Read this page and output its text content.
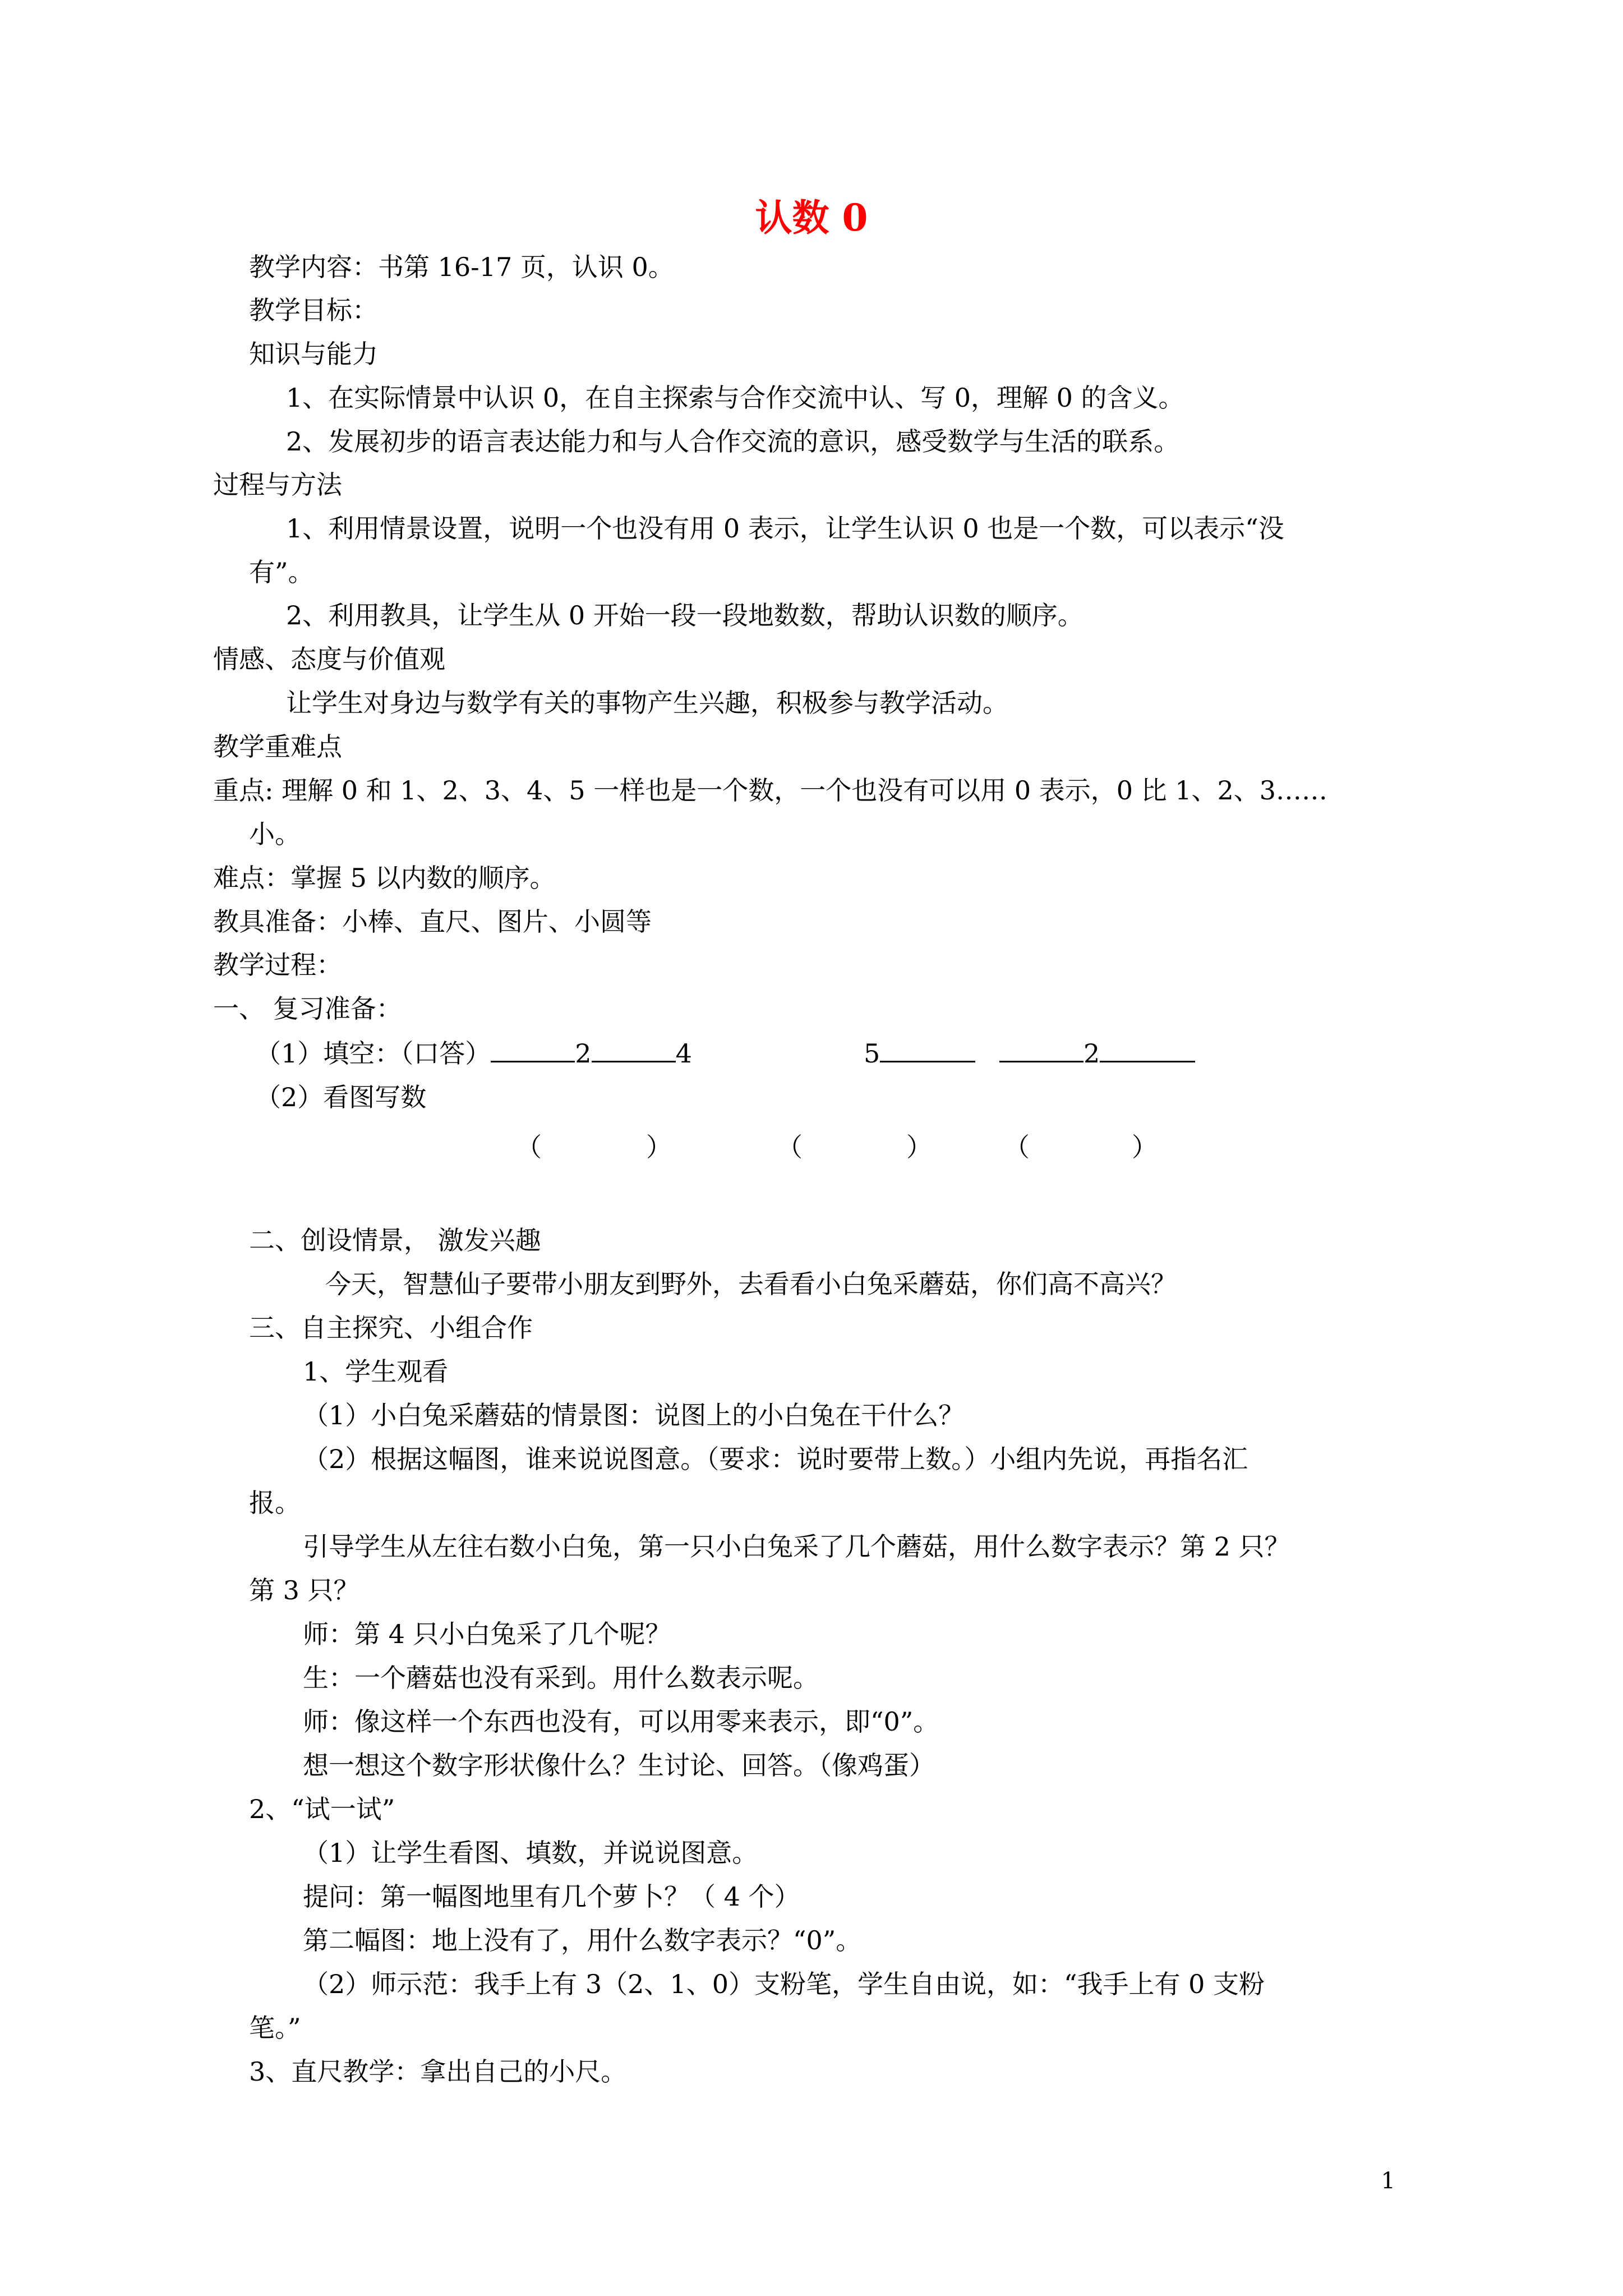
认数 0
教学内容：书第 16-17 页，认识 0。
教学目标：
知识与能力
1、在实际情景中认识 0，在自主探索与合作交流中认、写 0，理解 0 的含义。
2、发展初步的语言表达能力和与人合作交流的意识，感受数学与生活的联系。
过程与方法
1、利用情景设置，说明一个也没有用 0 表示，让学生认识 0 也是一个数，可以表示“没
有”。
2、利用教具，让学生从 0 开始一段一段地数数，帮助认识数的顺序。
情感、态度与价值观
让学生对身边与数学有关的事物产生兴趣，积极参与教学活动。
教学重难点
重点: 理解 0 和 1、2、3、4、5 一样也是一个数，一个也没有可以用 0 表示，0 比 1、2、3……
小。
难点：掌握 5 以内数的顺序。
教具准备：小棒、直尺、图片、小圆等
教学过程：
一、 复习准备：
（1）填空：（口答）	2	4	5	2
（2）看图写数
（	）	（	）	（	）
二、创设情景， 激发兴趣
今天，智慧仙子要带小朋友到野外，去看看小白兔采蘑菇，你们高不高兴？
三、自主探究、小组合作
1、学生观看
（1）小白兔采蘑菇的情景图：说图上的小白兔在干什么？
（2）根据这幅图，谁来说说图意。（要求：说时要带上数。）小组内先说，再指名汇
报。
引导学生从左往右数小白兔，第一只小白兔采了几个蘑菇，用什么数字表示？第 2 只？
第 3 只？
师：第 4 只小白兔采了几个呢？
生：一个蘑菇也没有采到。用什么数表示呢。
师：像这样一个东西也没有，可以用零来表示，即“0”。
想一想这个数字形状像什么？生讨论、回答。（像鸡蛋）
2、“试一试”
（1）让学生看图、填数，并说说图意。
提问：第一幅图地里有几个萝卜？（ 4 个）
第二幅图：地上没有了，用什么数字表示？“0”。
（2）师示范：我手上有 3（2、1、0）支粉笔，学生自由说，如：“我手上有 0 支粉
笔。”
3、直尺教学：拿出自己的小尺。
1
